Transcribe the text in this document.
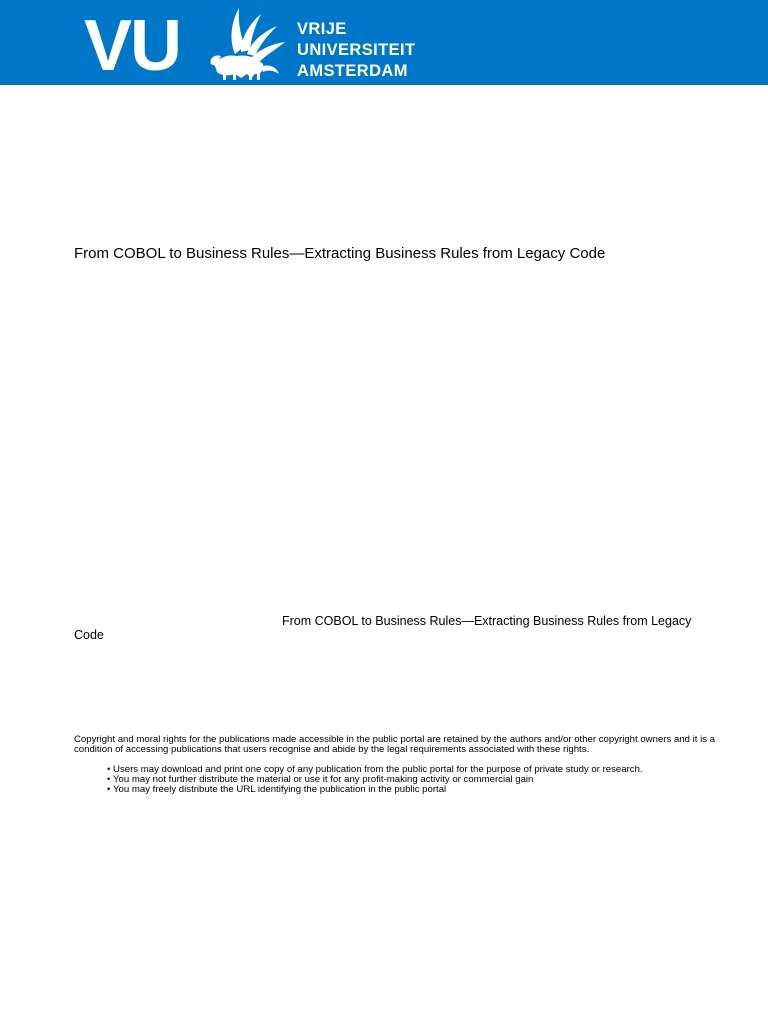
VU	VRIJE
UNIVERSITEIT
AMSTERDAM
From COBOL to Business Rules—Extracting Business Rules from Legacy Code
From COBOL to Business Rules—Extracting Business Rules from Legacy Code
Copyright and moral rights for the publications made accessible in the public portal are retained by the authors and/or other copyright owners and it is a condition of accessing publications that users recognise and abide by the legal requirements associated with these rights.
• Users may download and print one copy of any publication from the public portal for the purpose of private study or research.
• You may not further distribute the material or use it for any profit-making activity or commercial gain
• You may freely distribute the URL identifying the publication in the public portal
